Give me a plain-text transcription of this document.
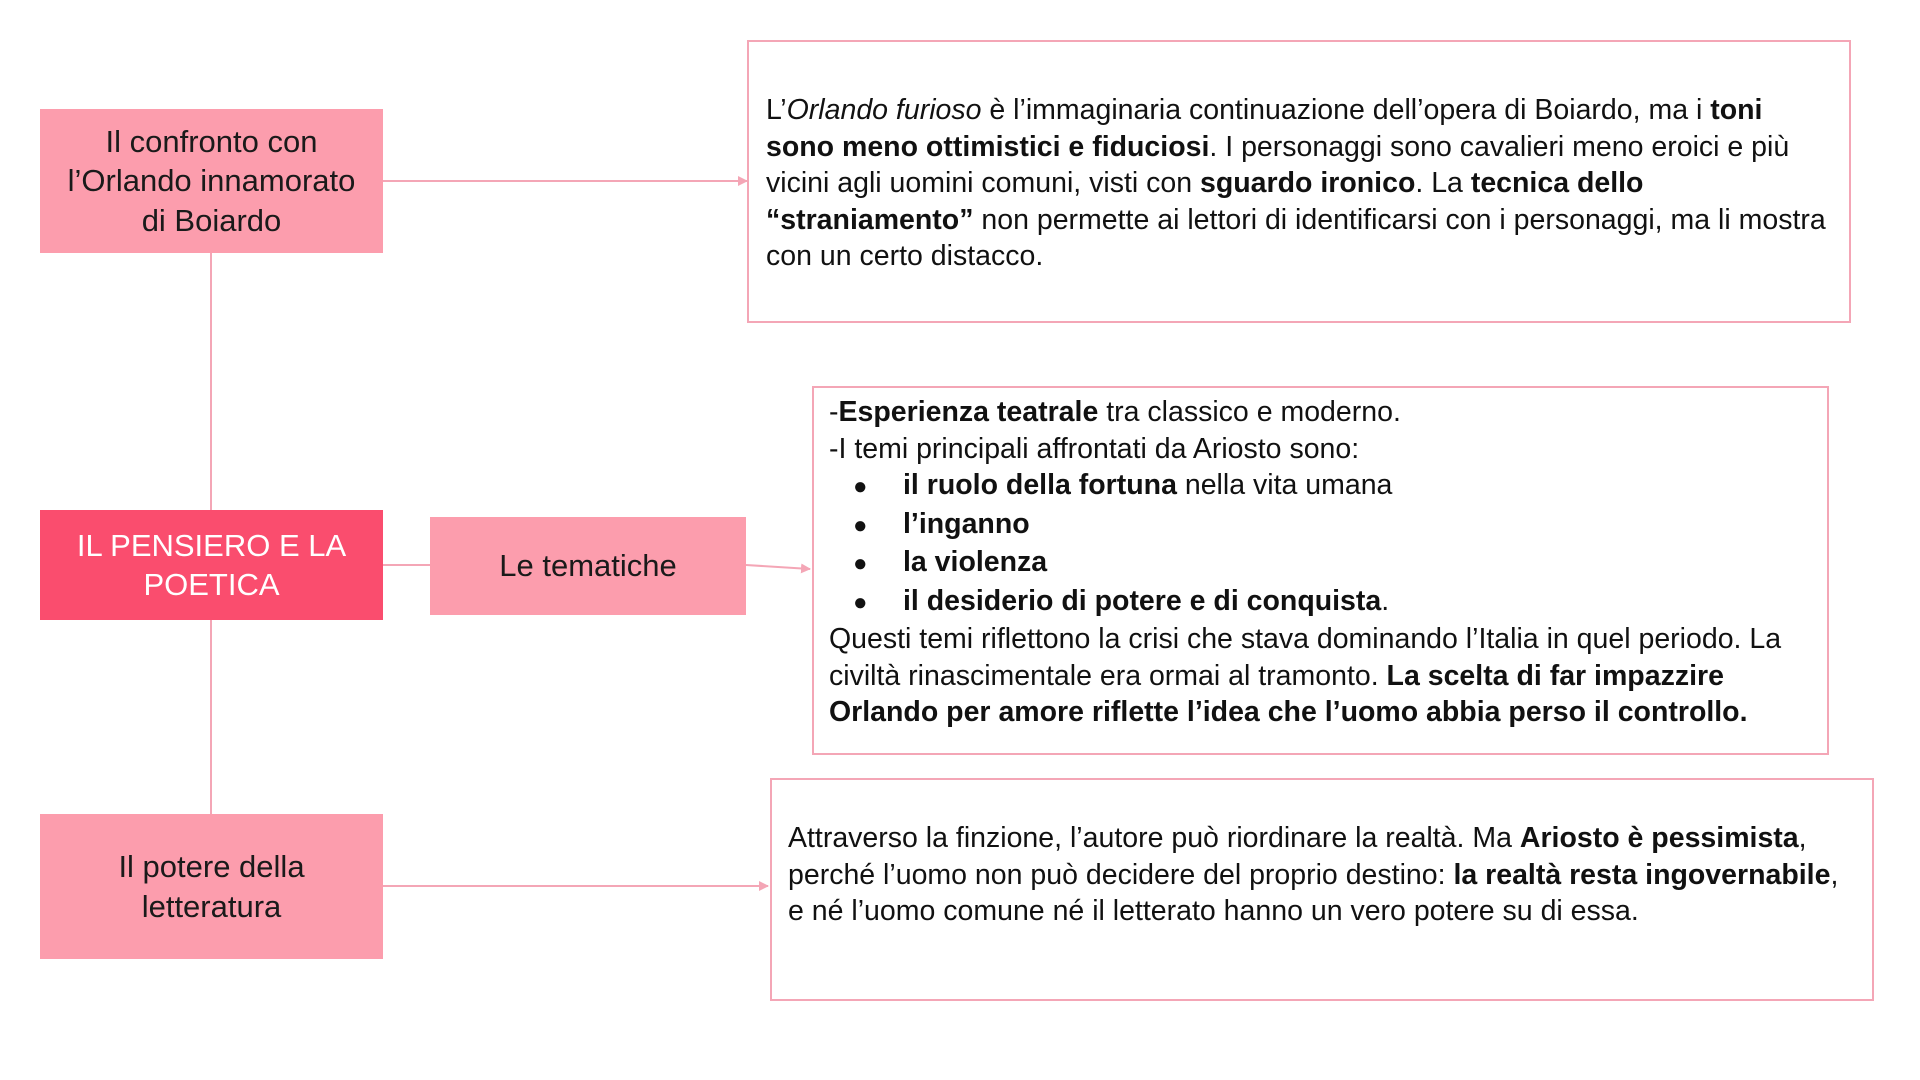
Il confronto con
l’Orlando innamorato
di Boiardo
IL PENSIERO E LA
POETICA
Le tematiche
Il potere della
letteratura

L’Orlando furioso è l’immaginaria continuazione dell’opera di Boiardo, ma i toni sono meno ottimistici e fiduciosi. I personaggi sono cavalieri meno eroici e più vicini agli uomini comuni, visti con sguardo ironico. La tecnica dello “straniamento” non permette ai lettori di identificarsi con i personaggi, ma li mostra con un certo distacco.

-Esperienza teatrale tra classico e moderno.

-I temi principali affrontati da Ariosto sono:

●	il ruolo della fortuna nella vita umana
●	l’inganno
●	la violenza
●	il desiderio di potere e di conquista.

Questi temi riflettono la crisi che stava dominando l’Italia in quel periodo. La civiltà rinascimentale era ormai al tramonto. La scelta di far impazzire Orlando per amore riflette l’idea che l’uomo abbia perso il controllo.

Attraverso la finzione, l’autore può riordinare la realtà. Ma Ariosto è pessimista, perché l’uomo non può decidere del proprio destino: la realtà resta ingovernabile, e né l’uomo comune né il letterato hanno un vero potere su di essa.
